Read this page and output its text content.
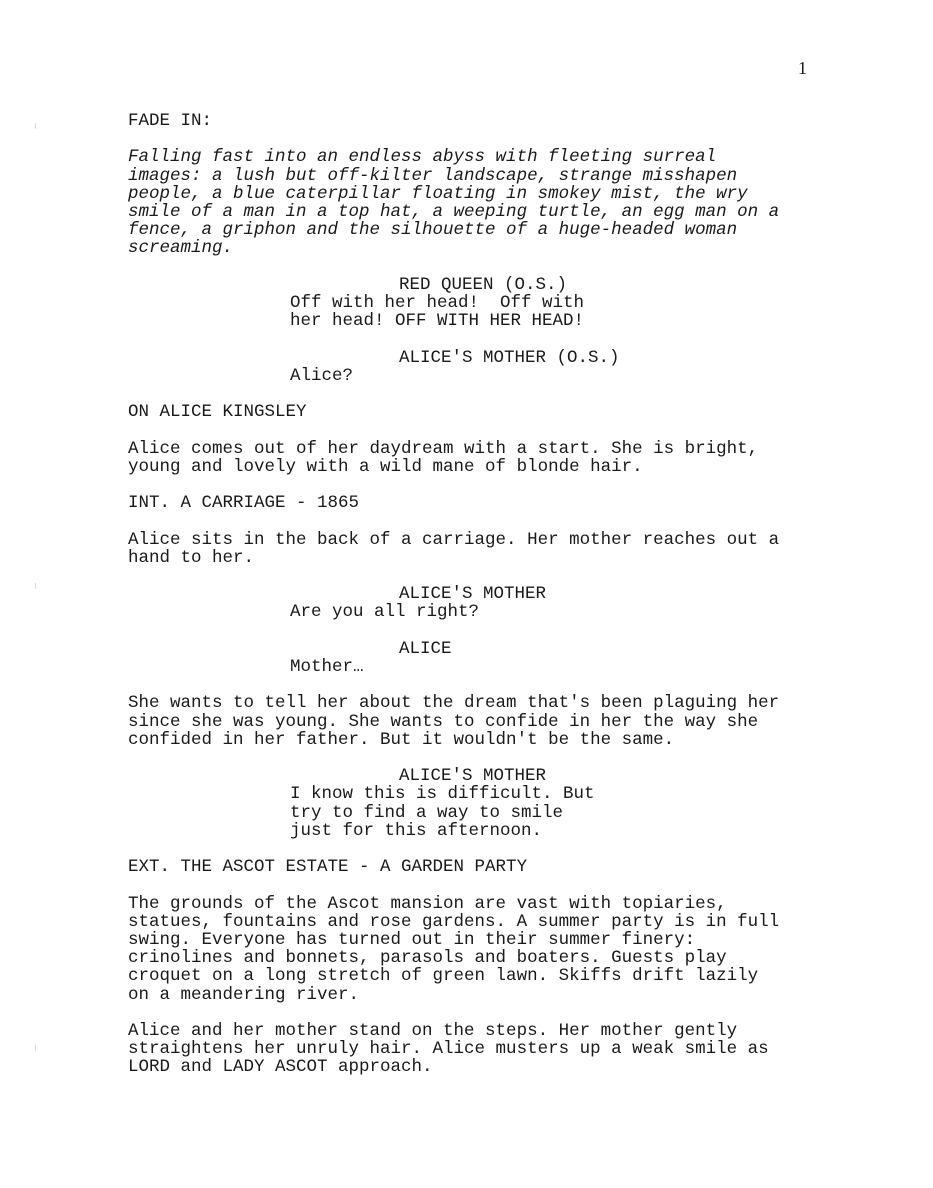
1
· · ·
· · ·
· · ·
FADE IN:
Falling fast into an endless abyss with fleeting surreal
images: a lush but off-kilter landscape, strange misshapen
people, a blue caterpillar floating in smokey mist, the wry
smile of a man in a top hat, a weeping turtle, an egg man on a
fence, a griphon and the silhouette of a huge-headed woman
screaming.
RED QUEEN (O.S.)
Off with her head!  Off with
her head! OFF WITH HER HEAD!
ALICE'S MOTHER (O.S.)
Alice?
ON ALICE KINGSLEY
Alice comes out of her daydream with a start. She is bright,
young and lovely with a wild mane of blonde hair.
INT. A CARRIAGE - 1865
Alice sits in the back of a carriage. Her mother reaches out a
hand to her.
ALICE'S MOTHER
Are you all right?
ALICE
Mother…
She wants to tell her about the dream that's been plaguing her
since she was young. She wants to confide in her the way she
confided in her father. But it wouldn't be the same.
ALICE'S MOTHER
I know this is difficult. But
try to find a way to smile
just for this afternoon.
EXT. THE ASCOT ESTATE - A GARDEN PARTY
The grounds of the Ascot mansion are vast with topiaries,
statues, fountains and rose gardens. A summer party is in full
swing. Everyone has turned out in their summer finery:
crinolines and bonnets, parasols and boaters. Guests play
croquet on a long stretch of green lawn. Skiffs drift lazily
on a meandering river.
Alice and her mother stand on the steps. Her mother gently
straightens her unruly hair. Alice musters up a weak smile as
LORD and LADY ASCOT approach.
